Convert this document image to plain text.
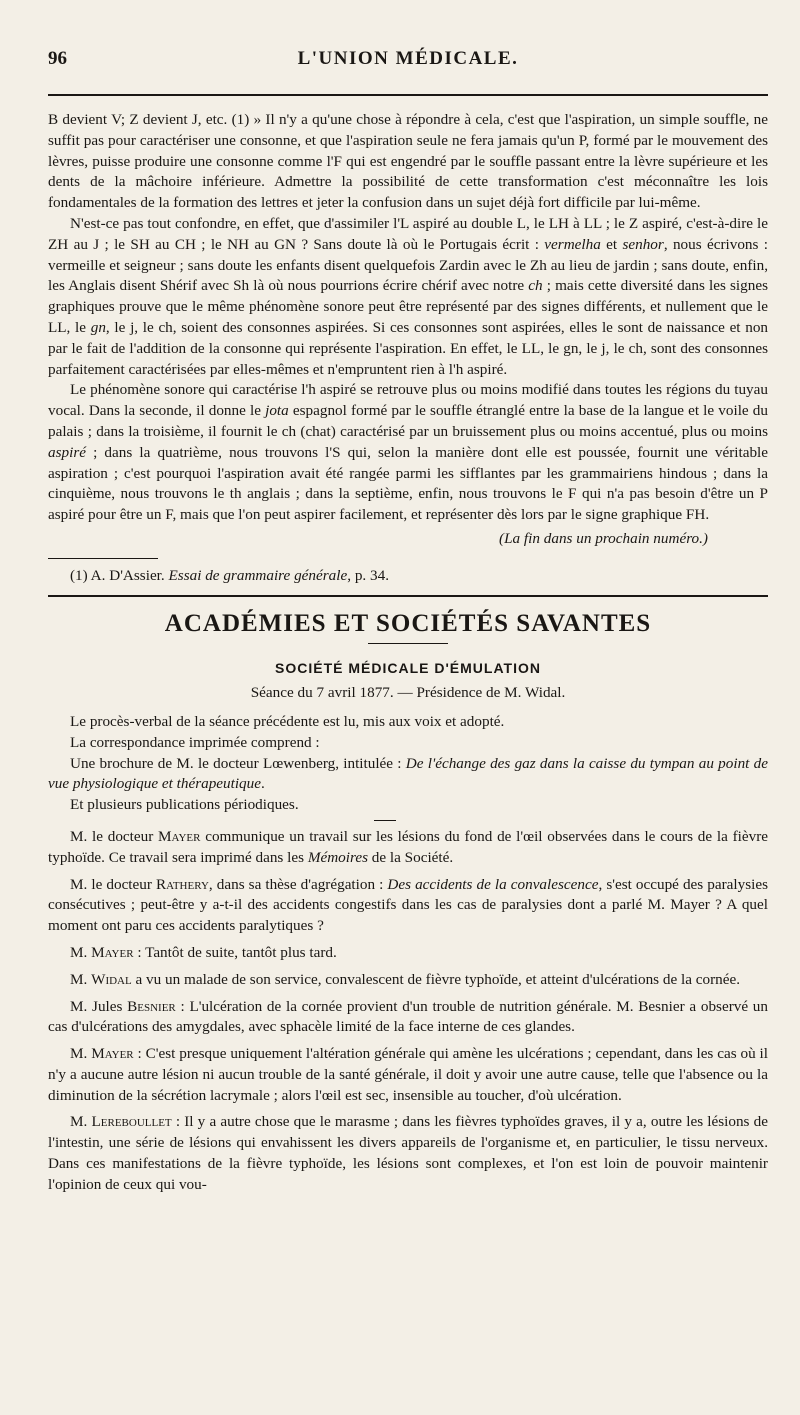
96	L'UNION MÉDICALE.

B devient V; Z devient J, etc. (1) » Il n'y a qu'une chose à répondre à cela, c'est que l'aspiration, un simple souffle, ne suffit pas pour caractériser une consonne, et que l'aspiration seule ne fera jamais qu'un P, formé par le mouvement des lèvres, puisse produire une consonne comme l'F qui est engendré par le souffle passant entre la lèvre supérieure et les dents de la mâchoire inférieure. Admettre la possibilité de cette transformation c'est méconnaître les lois fondamentales de la formation des lettres et jeter la confusion dans un sujet déjà fort difficile par lui-même.

N'est-ce pas tout confondre, en effet, que d'assimiler l'L aspiré au double L, le LH à LL ; le Z aspiré, c'est-à-dire le ZH au J ; le SH au CH ; le NH au GN ? Sans doute là où le Portugais écrit : vermelha et senhor, nous écrivons : vermeille et seigneur ; sans doute les enfants disent quelquefois Zardin avec le Zh au lieu de jardin ; sans doute, enfin, les Anglais disent Shérif avec Sh là où nous pourrions écrire chérif avec notre ch ; mais cette diversité dans les signes graphiques prouve que le même phénomène sonore peut être représenté par des signes différents, et nullement que le LL, le gn, le j, le ch, soient des consonnes aspirées. Si ces consonnes sont aspirées, elles le sont de naissance et non par le fait de l'addition de la consonne qui représente l'aspiration. En effet, le LL, le gn, le j, le ch, sont des consonnes parfaitement caractérisées par elles-mêmes et n'empruntent rien à l'h aspiré.

Le phénomène sonore qui caractérise l'h aspiré se retrouve plus ou moins modifié dans toutes les régions du tuyau vocal. Dans la seconde, il donne le jota espagnol formé par le souffle étranglé entre la base de la langue et le voile du palais ; dans la troisième, il fournit le ch (chat) caractérisé par un bruissement plus ou moins accentué, plus ou moins aspiré ; dans la quatrième, nous trouvons l'S qui, selon la manière dont elle est poussée, fournit une véritable aspiration ; c'est pourquoi l'aspiration avait été rangée parmi les sifflantes par les grammairiens hindous ; dans la cinquième, nous trouvons le th anglais ; dans la septième, enfin, nous trouvons le F qui n'a pas besoin d'être un P aspiré pour être un F, mais que l'on peut aspirer facilement, et représenter dès lors par le signe graphique FH.

(La fin dans un prochain numéro.)

(1) A. D'Assier. Essai de grammaire générale, p. 34.

ACADÉMIES ET SOCIÉTÉS SAVANTES
SOCIÉTÉ MÉDICALE D'ÉMULATION
Séance du 7 avril 1877. — Présidence de M. Widal.

Le procès-verbal de la séance précédente est lu, mis aux voix et adopté.

La correspondance imprimée comprend :

Une brochure de M. le docteur Lœwenberg, intitulée : De l'échange des gaz dans la caisse du tympan au point de vue physiologique et thérapeutique.

Et plusieurs publications périodiques.

M. le docteur Mayer communique un travail sur les lésions du fond de l'œil observées dans le cours de la fièvre typhoïde. Ce travail sera imprimé dans les Mémoires de la Société.

M. le docteur Rathery, dans sa thèse d'agrégation : Des accidents de la convalescence, s'est occupé des paralysies consécutives ; peut-être y a-t-il des accidents congestifs dans les cas de paralysies dont a parlé M. Mayer ? A quel moment ont paru ces accidents paralytiques ?

M. Mayer : Tantôt de suite, tantôt plus tard.

M. Widal a vu un malade de son service, convalescent de fièvre typhoïde, et atteint d'ulcérations de la cornée.

M. Jules Besnier : L'ulcération de la cornée provient d'un trouble de nutrition générale. M. Besnier a observé un cas d'ulcérations des amygdales, avec sphacèle limité de la face interne de ces glandes.

M. Mayer : C'est presque uniquement l'altération générale qui amène les ulcérations ; cependant, dans les cas où il n'y a aucune autre lésion ni aucun trouble de la santé générale, il doit y avoir une autre cause, telle que l'absence ou la diminution de la sécrétion lacrymale ; alors l'œil est sec, insensible au toucher, d'où ulcération.

M. Lereboullet : Il y a autre chose que le marasme ; dans les fièvres typhoïdes graves, il y a, outre les lésions de l'intestin, une série de lésions qui envahissent les divers appareils de l'organisme et, en particulier, le tissu nerveux. Dans ces manifestations de la fièvre typhoïde, les lésions sont complexes, et l'on est loin de pouvoir maintenir l'opinion de ceux qui vou-
